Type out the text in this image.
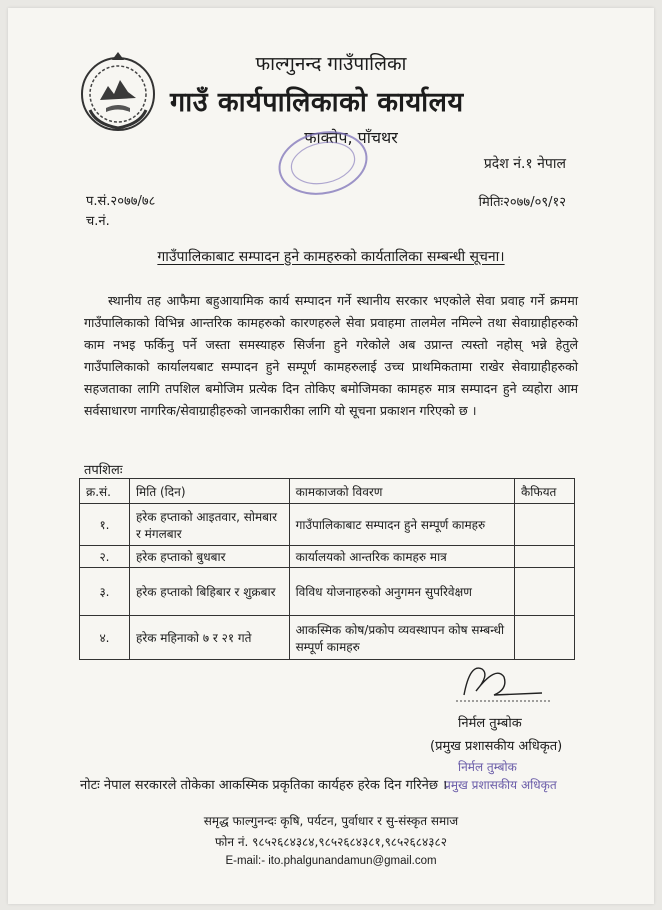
फाल्गुनन्द गाउँपालिका
गाउँ कार्यपालिकाको कार्यालय
फाक्तेप, पाँचथर
प्रदेश नं.१ नेपाल
प.सं.२०७७/७८
च.नं.
मितिः२०७७/०९/१२
गाउँपालिकाबाट सम्पादन हुने कामहरुको कार्यतालिका सम्बन्धी सूचना।
स्थानीय तह आफैमा बहुआयामिक कार्य सम्पादन गर्ने स्थानीय सरकार भएकोले सेवा प्रवाह गर्ने क्रममा गाउँपालिकाको विभिन्न आन्तरिक कामहरुको कारणहरुले सेवा प्रवाहमा तालमेल नमिल्ने तथा सेवाग्राहीहरुको काम नभइ फर्किनु पर्ने जस्ता समस्याहरु सिर्जना हुने गरेकोले अब उप्रान्त त्यस्तो नहोस् भन्ने हेतुले गाउँपालिकाको कार्यालयबाट सम्पादन हुने सम्पूर्ण कामहरुलाई उच्च प्राथमिकतामा राखेर सेवाग्राहीहरुको सहजताका लागि तपशिल बमोजिम प्रत्येक दिन तोकिए बमोजिमका कामहरु मात्र सम्पादन हुने व्यहोरा आम सर्वसाधारण नागरिक/सेवाग्राहीहरुको जानकारीका लागि यो सूचना प्रकाशन गरिएको छ ।
तपशिलः
क्र.सं.	मिति (दिन)	कामकाजको विवरण	कैफियत
१.	हरेक हप्ताको आइतवार, सोमबार र मंगलबार	गाउँपालिकाबाट सम्पादन हुने सम्पूर्ण कामहरु	
२.	हरेक हप्ताको बुधबार	कार्यालयको आन्तरिक कामहरु मात्र	
३.	हरेक हप्ताको बिहिबार र शुक्रबार	विविध योजनाहरुको अनुगमन सुपरिवेक्षण	
४.	हरेक महिनाको ७ र २१ गते	आकस्मिक कोष/प्रकोप व्यवस्थापन कोष सम्बन्धी सम्पूर्ण कामहरु	
निर्मल तुम्बोक
(प्रमुख प्रशासकीय अधिकृत)
निर्मल तुम्बोक
प्रमुख प्रशासकीय अधिकृत
नोटः नेपाल सरकारले तोकेका आकस्मिक प्रकृतिका कार्यहरु हरेक दिन गरिनेछ ।
समृद्ध फाल्गुनन्दः कृषि, पर्यटन, पुर्वाधार र सु-संस्कृत समाज
फोन नं. ९८५२६८४३८४,९८५२६८४३८१,९८५२६८४३८२
E-mail:- ito.phalgunandamun@gmail.com
